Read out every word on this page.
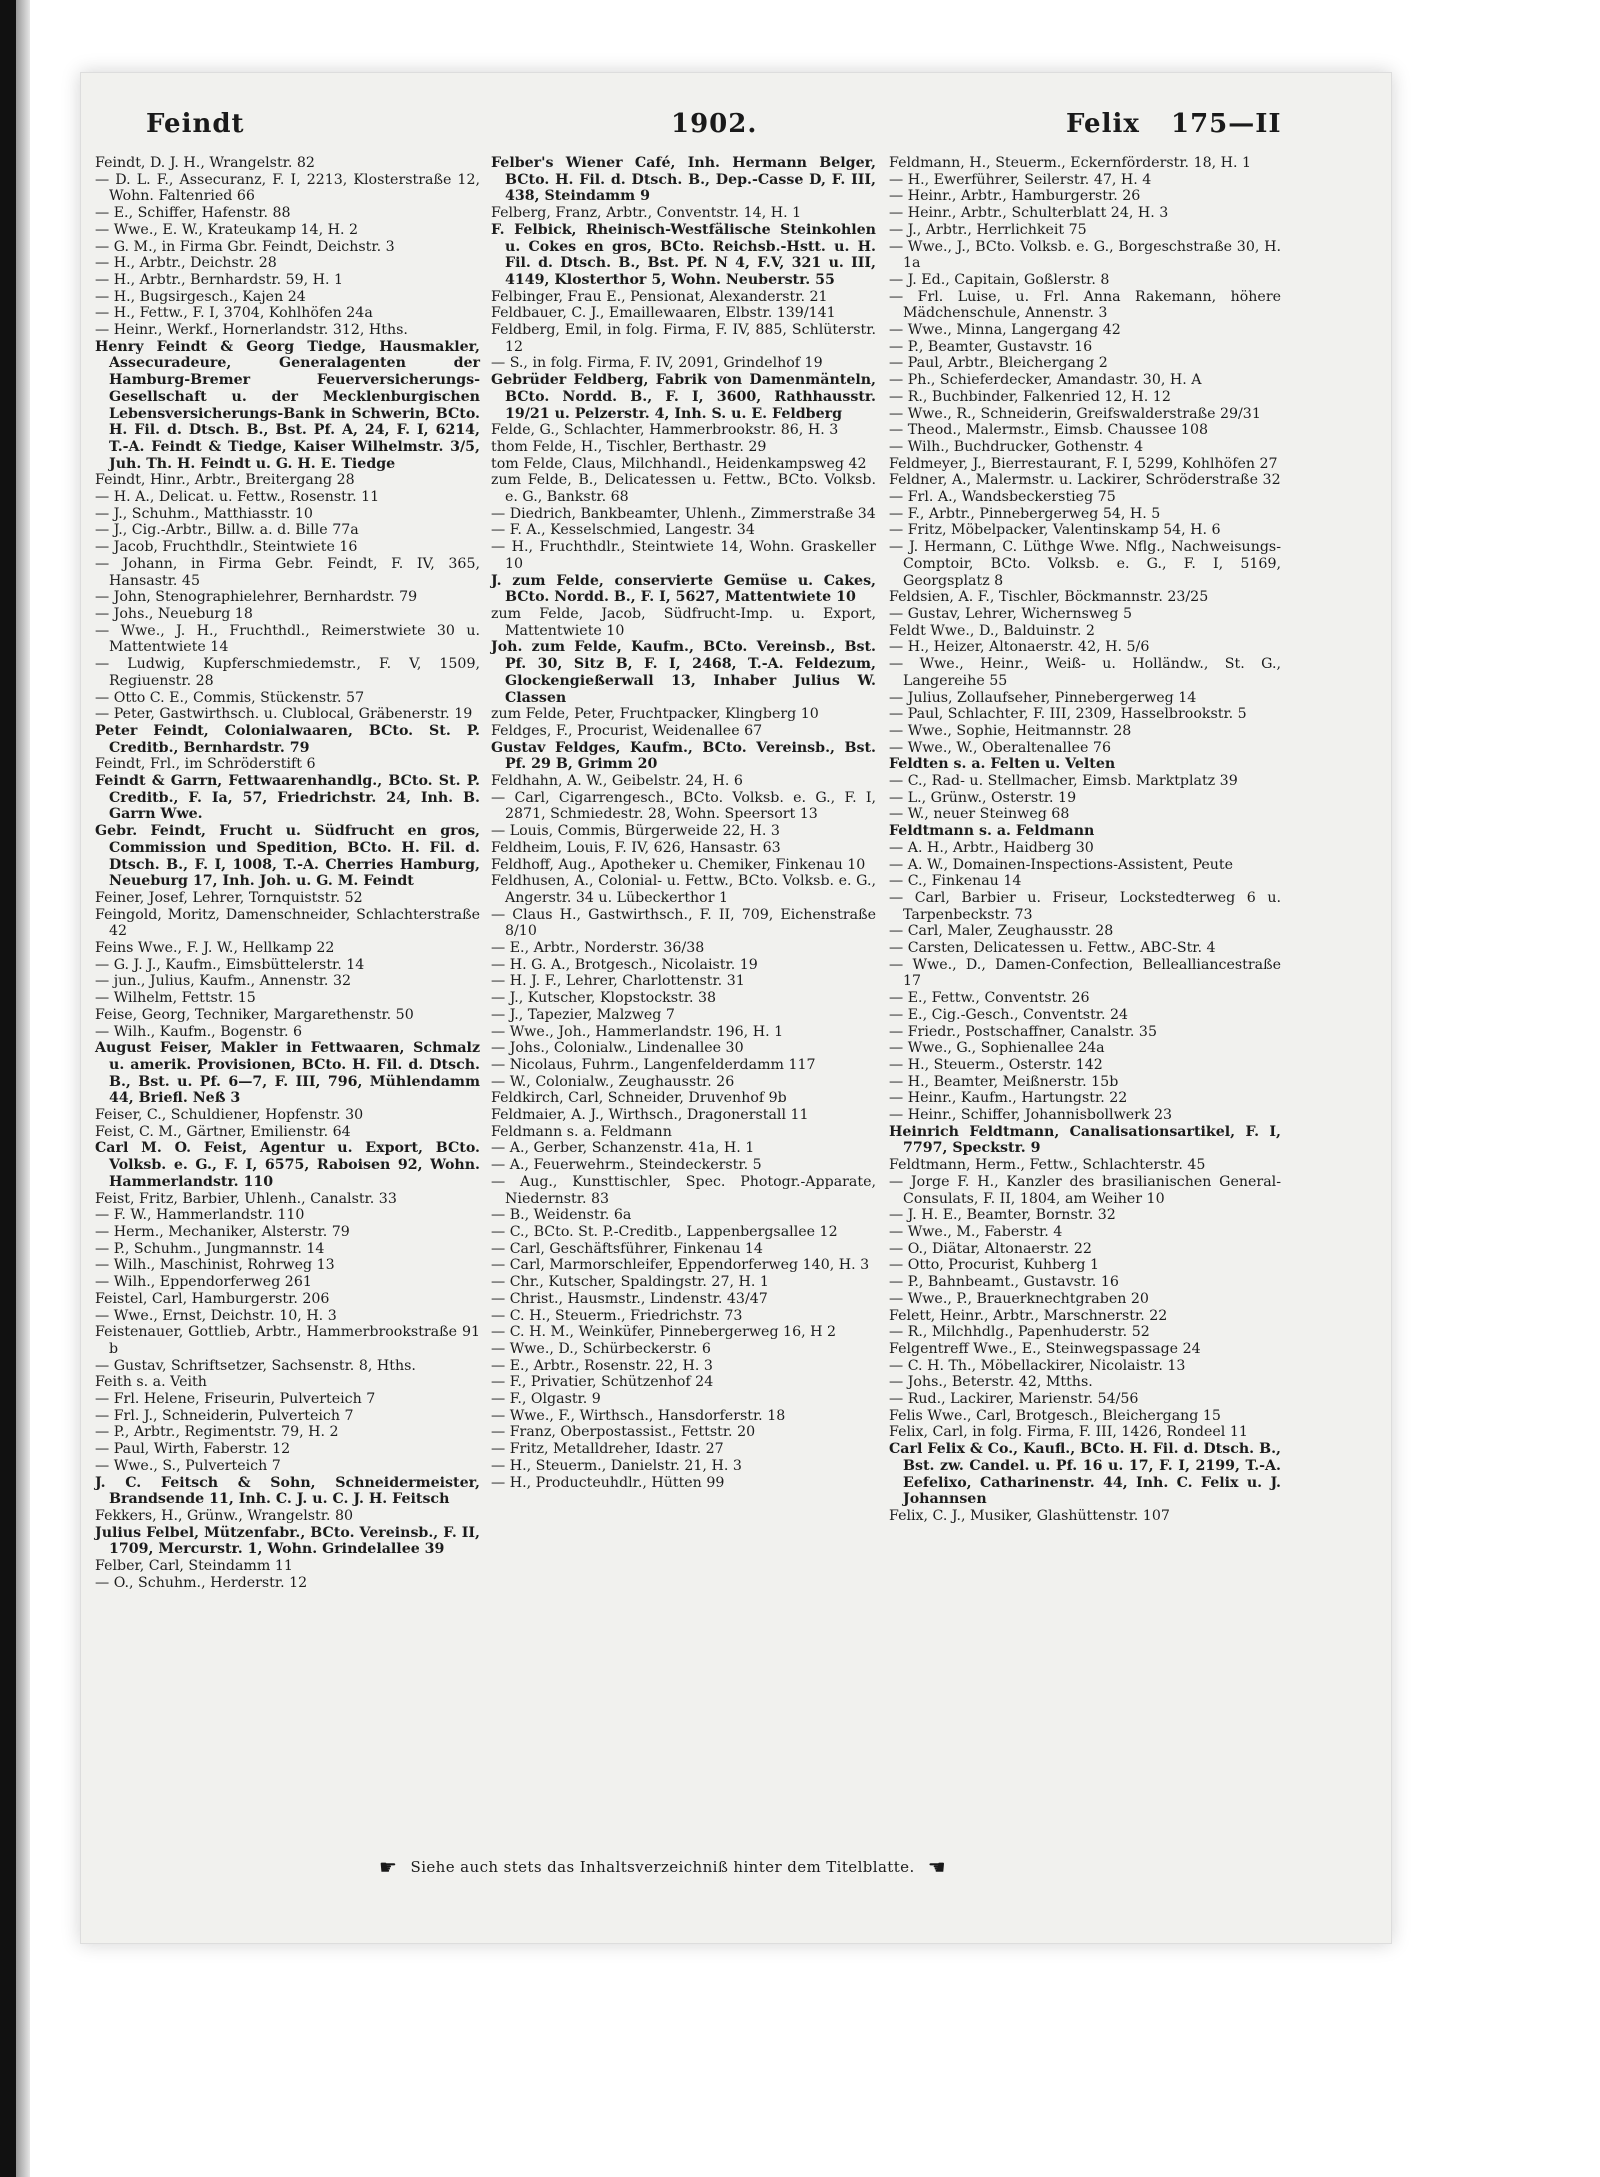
Feindt	1902.	Felix 175—II

Feindt, D. J. H., Wrangelstr. 82

— D. L. F., Assecuranz, F. I, 2213, Klosterstraße 12, Wohn. Faltenried 66

— E., Schiffer, Hafenstr. 88

— Wwe., E. W., Krateukamp 14, H. 2

— G. M., in Firma Gbr. Feindt, Deichstr. 3

— H., Arbtr., Deichstr. 28

— H., Arbtr., Bernhardstr. 59, H. 1

— H., Bugsirgesch., Kajen 24

— H., Fettw., F. I, 3704, Kohlhöfen 24a

— Heinr., Werkf., Hornerlandstr. 312, Hths.

Henry Feindt & Georg Tiedge, Hausmakler, Assecuradeure, Generalagenten der Hamburg-Bremer Feuerversicherungs-Gesellschaft u. der Mecklenburgischen Lebensversicherungs-Bank in Schwerin, BCto. H. Fil. d. Dtsch. B., Bst. Pf. A, 24, F. I, 6214, T.-A. Feindt & Tiedge, Kaiser Wilhelmstr. 3/5, Juh. Th. H. Feindt u. G. H. E. Tiedge

Feindt, Hinr., Arbtr., Breitergang 28

— H. A., Delicat. u. Fettw., Rosenstr. 11

— J., Schuhm., Matthiasstr. 10

— J., Cig.-Arbtr., Billw. a. d. Bille 77a

— Jacob, Fruchthdlr., Steintwiete 16

— Johann, in Firma Gebr. Feindt, F. IV, 365, Hansastr. 45

— John, Stenographielehrer, Bernhardstr. 79

— Johs., Neueburg 18

— Wwe., J. H., Fruchthdl., Reimerstwiete 30 u. Mattentwiete 14

— Ludwig, Kupferschmiedemstr., F. V, 1509, Regiuenstr. 28

— Otto C. E., Commis, Stückenstr. 57

— Peter, Gastwirthsch. u. Clublocal, Gräbenerstr. 19

Peter Feindt, Colonialwaaren, BCto. St. P. Creditb., Bernhardstr. 79

Feindt, Frl., im Schröderstift 6

Feindt & Garrn, Fettwaarenhandlg., BCto. St. P. Creditb., F. Ia, 57, Friedrichstr. 24, Inh. B. Garrn Wwe.

Gebr. Feindt, Frucht u. Südfrucht en gros, Commission und Spedition, BCto. H. Fil. d. Dtsch. B., F. I, 1008, T.-A. Cherries Hamburg, Neueburg 17, Inh. Joh. u. G. M. Feindt

Feiner, Josef, Lehrer, Tornquiststr. 52

Feingold, Moritz, Damenschneider, Schlachterstraße 42

Feins Wwe., F. J. W., Hellkamp 22

— G. J. J., Kaufm., Eimsbüttelerstr. 14

— jun., Julius, Kaufm., Annenstr. 32

— Wilhelm, Fettstr. 15

Feise, Georg, Techniker, Margarethenstr. 50

— Wilh., Kaufm., Bogenstr. 6

August Feiser, Makler in Fettwaaren, Schmalz u. amerik. Provisionen, BCto. H. Fil. d. Dtsch. B., Bst. u. Pf. 6—7, F. III, 796, Mühlendamm 44, Briefl. Neß 3

Feiser, C., Schuldiener, Hopfenstr. 30

Feist, C. M., Gärtner, Emilienstr. 64

Carl M. O. Feist, Agentur u. Export, BCto. Volksb. e. G., F. I, 6575, Raboisen 92, Wohn. Hammerlandstr. 110

Feist, Fritz, Barbier, Uhlenh., Canalstr. 33

— F. W., Hammerlandstr. 110

— Herm., Mechaniker, Alsterstr. 79

— P., Schuhm., Jungmannstr. 14

— Wilh., Maschinist, Rohrweg 13

— Wilh., Eppendorferweg 261

Feistel, Carl, Hamburgerstr. 206

— Wwe., Ernst, Deichstr. 10, H. 3

Feistenauer, Gottlieb, Arbtr., Hammerbrookstraße 91 b

— Gustav, Schriftsetzer, Sachsenstr. 8, Hths.

Feith s. a. Veith

— Frl. Helene, Friseurin, Pulverteich 7

— Frl. J., Schneiderin, Pulverteich 7

— P., Arbtr., Regimentstr. 79, H. 2

— Paul, Wirth, Faberstr. 12

— Wwe., S., Pulverteich 7

J. C. Feitsch & Sohn, Schneidermeister, Brandsende 11, Inh. C. J. u. C. J. H. Feitsch

Fekkers, H., Grünw., Wrangelstr. 80

Julius Felbel, Mützenfabr., BCto. Vereinsb., F. II, 1709, Mercurstr. 1, Wohn. Grindelallee 39

Felber, Carl, Steindamm 11

— O., Schuhm., Herderstr. 12

Felber's Wiener Café, Inh. Hermann Belger, BCto. H. Fil. d. Dtsch. B., Dep.-Casse D, F. III, 438, Steindamm 9

Felberg, Franz, Arbtr., Conventstr. 14, H. 1

F. Felbick, Rheinisch-Westfälische Steinkohlen u. Cokes en gros, BCto. Reichsb.-Hstt. u. H. Fil. d. Dtsch. B., Bst. Pf. N 4, F.V, 321 u. III, 4149, Klosterthor 5, Wohn. Neuberstr. 55

Felbinger, Frau E., Pensionat, Alexanderstr. 21

Feldbauer, C. J., Emaillewaaren, Elbstr. 139/141

Feldberg, Emil, in folg. Firma, F. IV, 885, Schlüterstr. 12

— S., in folg. Firma, F. IV, 2091, Grindelhof 19

Gebrüder Feldberg, Fabrik von Damenmänteln, BCto. Nordd. B., F. I, 3600, Rathhausstr. 19/21 u. Pelzerstr. 4, Inh. S. u. E. Feldberg

Felde, G., Schlachter, Hammerbrookstr. 86, H. 3

thom Felde, H., Tischler, Berthastr. 29

tom Felde, Claus, Milchhandl., Heidenkampsweg 42

zum Felde, B., Delicatessen u. Fettw., BCto. Volksb. e. G., Bankstr. 68

— Diedrich, Bankbeamter, Uhlenh., Zimmerstraße 34

— F. A., Kesselschmied, Langestr. 34

— H., Fruchthdlr., Steintwiete 14, Wohn. Graskeller 10

J. zum Felde, conservierte Gemüse u. Cakes, BCto. Nordd. B., F. I, 5627, Mattentwiete 10

zum Felde, Jacob, Südfrucht-Imp. u. Export, Mattentwiete 10

Joh. zum Felde, Kaufm., BCto. Vereinsb., Bst. Pf. 30, Sitz B, F. I, 2468, T.-A. Feldezum, Glockengießerwall 13, Inhaber Julius W. Classen

zum Felde, Peter, Fruchtpacker, Klingberg 10

Feldges, F., Procurist, Weidenallee 67

Gustav Feldges, Kaufm., BCto. Vereinsb., Bst. Pf. 29 B, Grimm 20

Feldhahn, A. W., Geibelstr. 24, H. 6

— Carl, Cigarrengesch., BCto. Volksb. e. G., F. I, 2871, Schmiedestr. 28, Wohn. Speersort 13

— Louis, Commis, Bürgerweide 22, H. 3

Feldheim, Louis, F. IV, 626, Hansastr. 63

Feldhoff, Aug., Apotheker u. Chemiker, Finkenau 10

Feldhusen, A., Colonial- u. Fettw., BCto. Volksb. e. G., Angerstr. 34 u. Lübeckerthor 1

— Claus H., Gastwirthsch., F. II, 709, Eichenstraße 8/10

— E., Arbtr., Norderstr. 36/38

— H. G. A., Brotgesch., Nicolaistr. 19

— H. J. F., Lehrer, Charlottenstr. 31

— J., Kutscher, Klopstockstr. 38

— J., Tapezier, Malzweg 7

— Wwe., Joh., Hammerlandstr. 196, H. 1

— Johs., Colonialw., Lindenallee 30

— Nicolaus, Fuhrm., Langenfelderdamm 117

— W., Colonialw., Zeughausstr. 26

Feldkirch, Carl, Schneider, Druvenhof 9b

Feldmaier, A. J., Wirthsch., Dragonerstall 11

Feldmann s. a. Feldmann

— A., Gerber, Schanzenstr. 41a, H. 1

— A., Feuerwehrm., Steindeckerstr. 5

— Aug., Kunsttischler, Spec. Photogr.-Apparate, Niedernstr. 83

— B., Weidenstr. 6a

— C., BCto. St. P.-Creditb., Lappenbergsallee 12

— Carl, Geschäftsführer, Finkenau 14

— Carl, Marmorschleifer, Eppendorferweg 140, H. 3

— Chr., Kutscher, Spaldingstr. 27, H. 1

— Christ., Hausmstr., Lindenstr. 43/47

— C. H., Steuerm., Friedrichstr. 73

— C. H. M., Weinküfer, Pinnebergerweg 16, H 2

— Wwe., D., Schürbeckerstr. 6

— E., Arbtr., Rosenstr. 22, H. 3

— F., Privatier, Schützenhof 24

— F., Olgastr. 9

— Wwe., F., Wirthsch., Hansdorferstr. 18

— Franz, Oberpostassist., Fettstr. 20

— Fritz, Metalldreher, Idastr. 27

— H., Steuerm., Danielstr. 21, H. 3

— H., Producteuhdlr., Hütten 99

Feldmann, H., Steuerm., Eckernförderstr. 18, H. 1

— H., Ewerführer, Seilerstr. 47, H. 4

— Heinr., Arbtr., Hamburgerstr. 26

— Heinr., Arbtr., Schulterblatt 24, H. 3

— J., Arbtr., Herrlichkeit 75

— Wwe., J., BCto. Volksb. e. G., Borgeschstraße 30, H. 1a

— J. Ed., Capitain, Goßlerstr. 8

— Frl. Luise, u. Frl. Anna Rakemann, höhere Mädchenschule, Annenstr. 3

— Wwe., Minna, Langergang 42

— P., Beamter, Gustavstr. 16

— Paul, Arbtr., Bleichergang 2

— Ph., Schieferdecker, Amandastr. 30, H. A

— R., Buchbinder, Falkenried 12, H. 12

— Wwe., R., Schneiderin, Greifswalderstraße 29/31

— Theod., Malermstr., Eimsb. Chaussee 108

— Wilh., Buchdrucker, Gothenstr. 4

Feldmeyer, J., Bierrestaurant, F. I, 5299, Kohlhöfen 27

Feldner, A., Malermstr. u. Lackirer, Schröderstraße 32

— Frl. A., Wandsbeckerstieg 75

— F., Arbtr., Pinnebergerweg 54, H. 5

— Fritz, Möbelpacker, Valentinskamp 54, H. 6

— J. Hermann, C. Lüthge Wwe. Nflg., Nachweisungs-Comptoir, BCto. Volksb. e. G., F. I, 5169, Georgsplatz 8

Feldsien, A. F., Tischler, Böckmannstr. 23/25

— Gustav, Lehrer, Wichernsweg 5

Feldt Wwe., D., Balduinstr. 2

— H., Heizer, Altonaerstr. 42, H. 5/6

— Wwe., Heinr., Weiß- u. Holländw., St. G., Langereihe 55

— Julius, Zollaufseher, Pinnebergerweg 14

— Paul, Schlachter, F. III, 2309, Hasselbrookstr. 5

— Wwe., Sophie, Heitmannstr. 28

— Wwe., W., Oberaltenallee 76

Feldten s. a. Felten u. Velten

— C., Rad- u. Stellmacher, Eimsb. Marktplatz 39

— L., Grünw., Osterstr. 19

— W., neuer Steinweg 68

Feldtmann s. a. Feldmann

— A. H., Arbtr., Haidberg 30

— A. W., Domainen-Inspections-Assistent, Peute

— C., Finkenau 14

— Carl, Barbier u. Friseur, Lockstedterweg 6 u. Tarpenbeckstr. 73

— Carl, Maler, Zeughausstr. 28

— Carsten, Delicatessen u. Fettw., ABC-Str. 4

— Wwe., D., Damen-Confection, Bellealliancestraße 17

— E., Fettw., Conventstr. 26

— E., Cig.-Gesch., Conventstr. 24

— Friedr., Postschaffner, Canalstr. 35

— Wwe., G., Sophienallee 24a

— H., Steuerm., Osterstr. 142

— H., Beamter, Meißnerstr. 15b

— Heinr., Kaufm., Hartungstr. 22

— Heinr., Schiffer, Johannisbollwerk 23

Heinrich Feldtmann, Canalisationsartikel, F. I, 7797, Speckstr. 9

Feldtmann, Herm., Fettw., Schlachterstr. 45

— Jorge F. H., Kanzler des brasilianischen General-Consulats, F. II, 1804, am Weiher 10

— J. H. E., Beamter, Bornstr. 32

— Wwe., M., Faberstr. 4

— O., Diätar, Altonaerstr. 22

— Otto, Procurist, Kuhberg 1

— P., Bahnbeamt., Gustavstr. 16

— Wwe., P., Brauerknechtgraben 20

Felett, Heinr., Arbtr., Marschnerstr. 22

— R., Milchhdlg., Papenhuderstr. 52

Felgentreff Wwe., E., Steinwegspassage 24

— C. H. Th., Möbellackirer, Nicolaistr. 13

— Johs., Beterstr. 42, Mtths.

— Rud., Lackirer, Marienstr. 54/56

Felis Wwe., Carl, Brotgesch., Bleichergang 15

Felix, Carl, in folg. Firma, F. III, 1426, Rondeel 11

Carl Felix & Co., Kaufl., BCto. H. Fil. d. Dtsch. B., Bst. zw. Candel. u. Pf. 16 u. 17, F. I, 2199, T.-A. Eefelixo, Catharinenstr. 44, Inh. C. Felix u. J. Johannsen

Felix, C. J., Musiker, Glashüttenstr. 107

☛ Siehe auch stets das Inhaltsverzeichniß hinter dem Titelblatte. ☚
